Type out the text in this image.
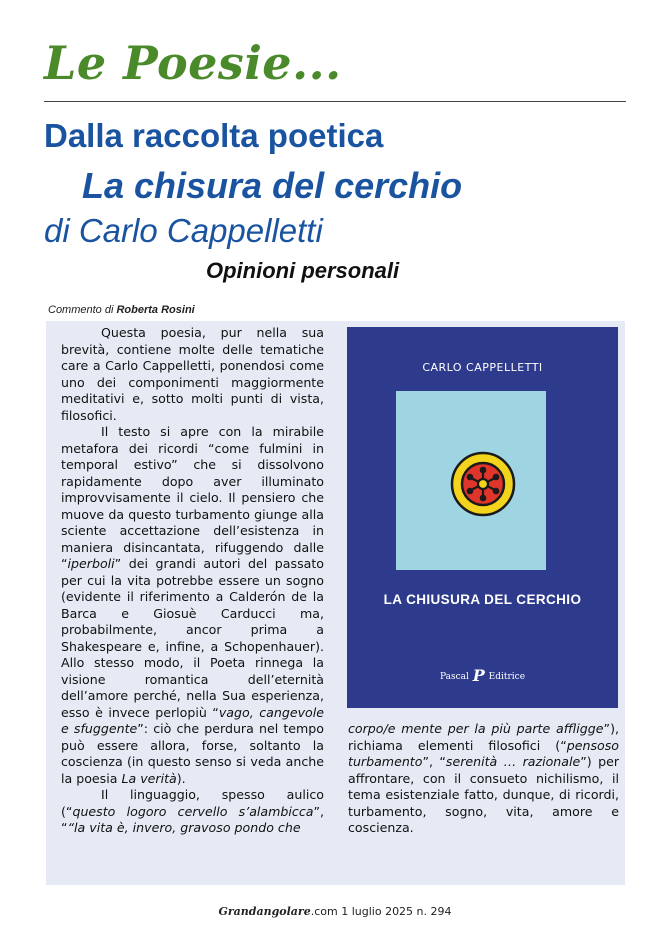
Le Poesie...
Dalla raccolta poetica
La chisura del cerchio
di Carlo Cappelletti
Opinioni personali
Commento di Roberta Rosini

Questa poesia, pur nella sua brevità, contiene molte delle tematiche care a Carlo Cappelletti, ponendosi come uno dei componimenti maggiormente meditativi e, sotto molti punti di vista, filosofici.

Il testo si apre con la mirabile metafora dei ricordi “come fulmini in temporal estivo” che si dissolvono rapidamente dopo aver illuminato improvvisamente il cielo. Il pensiero che muove da questo turbamento giunge alla sciente accettazione dell’esistenza in maniera disincantata, rifuggendo dalle “iperboli” dei grandi autori del passato per cui la vita potrebbe essere un sogno (evidente il riferimento a Calderón de la Barca e Giosuè Carducci ma, probabilmente, ancor prima a Shakespeare e, infine, a Schopenhauer). Allo stesso modo, il Poeta rinnega la visione romantica dell’eternità dell’amore perché, nella Sua esperienza, esso è invece perlopiù “vago, cangevole e sfuggente”: ciò che perdura nel tempo può essere allora, forse, soltanto la coscienza (in questo senso si veda anche la poesia La verità).

Il linguaggio, spesso aulico (“questo logoro cervello s’alambicca”, ““la vita è, invero, gravoso pondo che

CARLO CAPPELLETTI
LA CHIUSURA DEL CERCHIO
Pascal P Editrice

corpo/e mente per la più parte affligge”), richiama elementi filosofici (“pensoso turbamento”, “serenità … razionale”) per affrontare, con il consueto nichilismo, il tema esistenziale fatto, dunque, di ricordi, turbamento, sogno, vita, amore e coscienza.

Grandangolare.com 1 luglio 2025 n. 294
